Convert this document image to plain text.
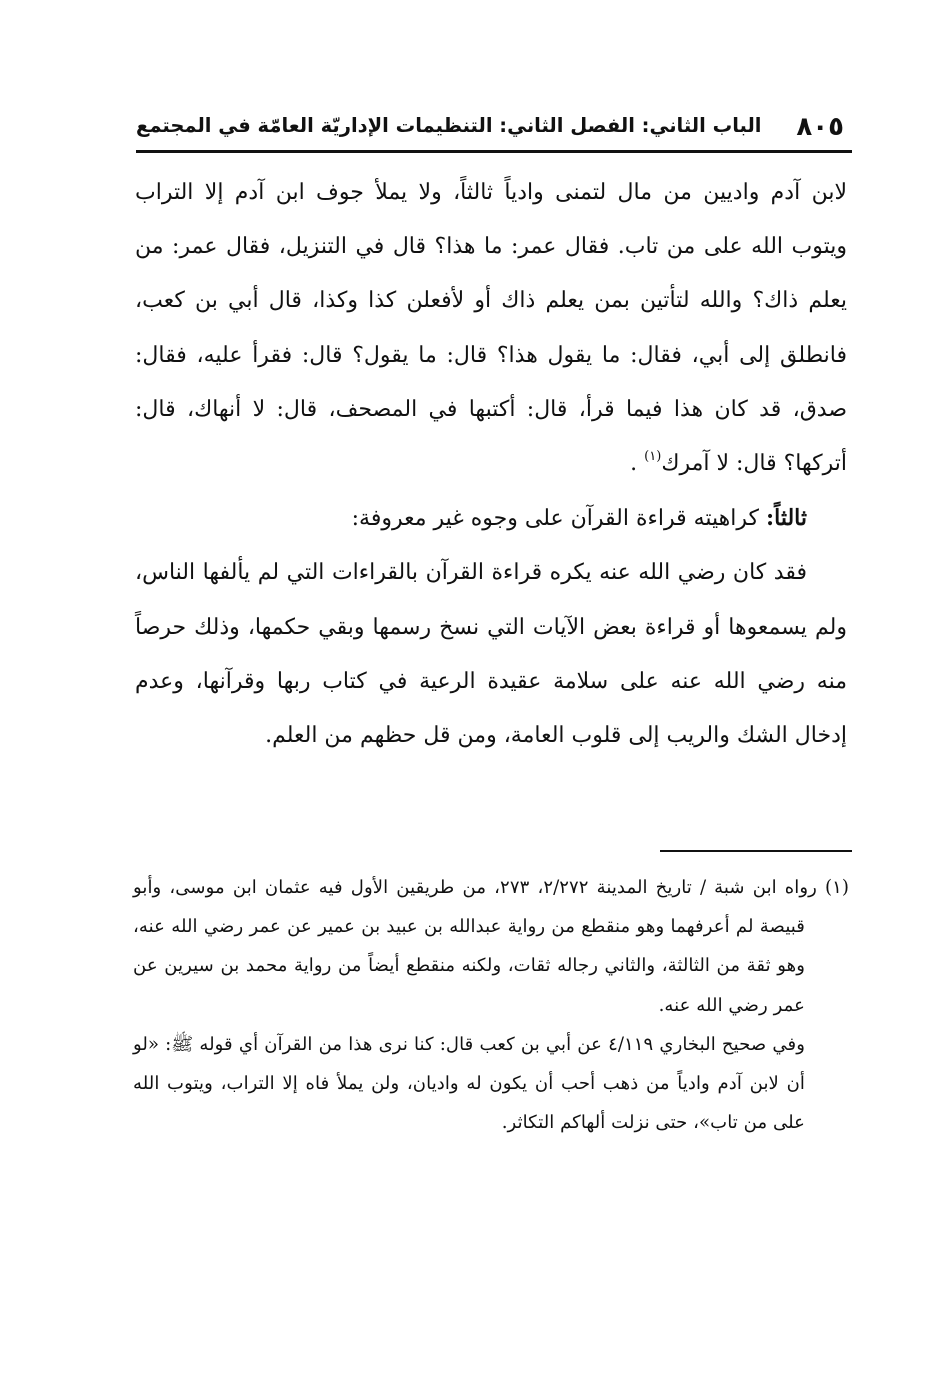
٨٠٥
الباب الثاني: الفصل الثاني: التنظيمات الإداريّة العامّة في المجتمع

لابن آدم واديين من مال لتمنى وادياً ثالثاً، ولا يملأ جوف ابن آدم إلا التراب ويتوب الله على من تاب. فقال عمر: ما هذا؟ قال في التنزيل، فقال عمر: من يعلم ذاك؟ والله لتأتين بمن يعلم ذاك أو لأفعلن كذا وكذا، قال أبي بن كعب، فانطلق إلى أبي، فقال: ما يقول هذا؟ قال: ما يقول؟ قال: فقرأ عليه، فقال: صدق، قد كان هذا فيما قرأ، قال: أكتبها في المصحف، قال: لا أنهاك، قال: أتركها؟ قال: لا آمرك$^{(١)}$ .

ثالثاً: كراهيته قراءة القرآن على وجوه غير معروفة:

فقد كان رضي الله عنه يكره قراءة القرآن بالقراءات التي لم يألفها الناس، ولم يسمعوها أو قراءة بعض الآيات التي نسخ رسمها وبقي حكمها، وذلك حرصاً منه رضي الله عنه على سلامة عقيدة الرعية في كتاب ربها وقرآنها، وعدم إدخال الشك والريب إلى قلوب العامة، ومن قل حظهم من العلم.

(١) رواه ابن شبة / تاريخ المدينة ٢/٢٧٢، ٢٧٣، من طريقين الأول فيه عثمان ابن موسى، وأبو قبيصة لم أعرفهما وهو منقطع من رواية عبدالله بن عبيد بن عمير عن عمر رضي الله عنه، وهو ثقة من الثالثة، والثاني رجاله ثقات، ولكنه منقطع أيضاً من رواية محمد بن سيرين عن عمر رضي الله عنه.

وفي صحيح البخاري ٤/١١٩ عن أبي بن كعب قال: كنا نرى هذا من القرآن أي قوله ﷺ: «لو أن لابن آدم وادياً من ذهب أحب أن يكون له واديان، ولن يملأ فاه إلا التراب، ويتوب الله على من تاب»، حتى نزلت ألهاكم التكاثر.
